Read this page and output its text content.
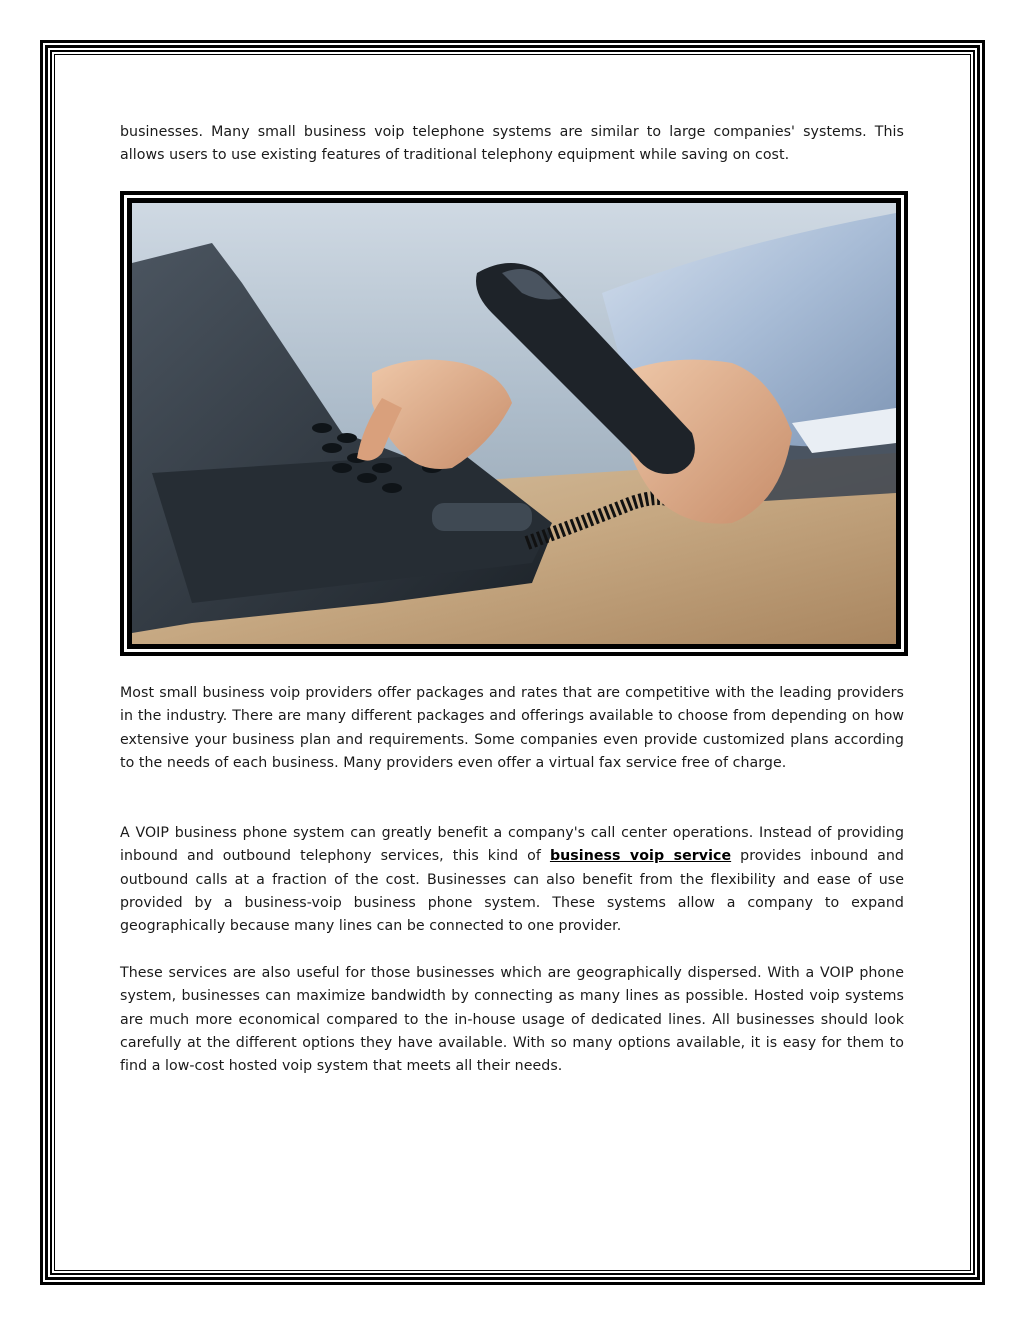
businesses. Many small business voip telephone systems are similar to large companies' systems. This allows users to use existing features of traditional telephony equipment while saving on cost.

Most small business voip providers offer packages and rates that are competitive with the leading providers in the industry. There are many different packages and offerings available to choose from depending on how extensive your business plan and requirements. Some companies even provide customized plans according to the needs of each business. Many providers even offer a virtual fax service free of charge.

A VOIP business phone system can greatly benefit a company's call center operations. Instead of providing inbound and outbound telephony services, this kind of business voip service provides inbound and outbound calls at a fraction of the cost. Businesses can also benefit from the flexibility and ease of use provided by a business-voip business phone system. These systems allow a company to expand geographically because many lines can be connected to one provider.

These services are also useful for those businesses which are geographically dispersed. With a VOIP phone system, businesses can maximize bandwidth by connecting as many lines as possible. Hosted voip systems are much more economical compared to the in-house usage of dedicated lines. All businesses should look carefully at the different options they have available. With so many options available, it is easy for them to find a low-cost hosted voip system that meets all their needs.
